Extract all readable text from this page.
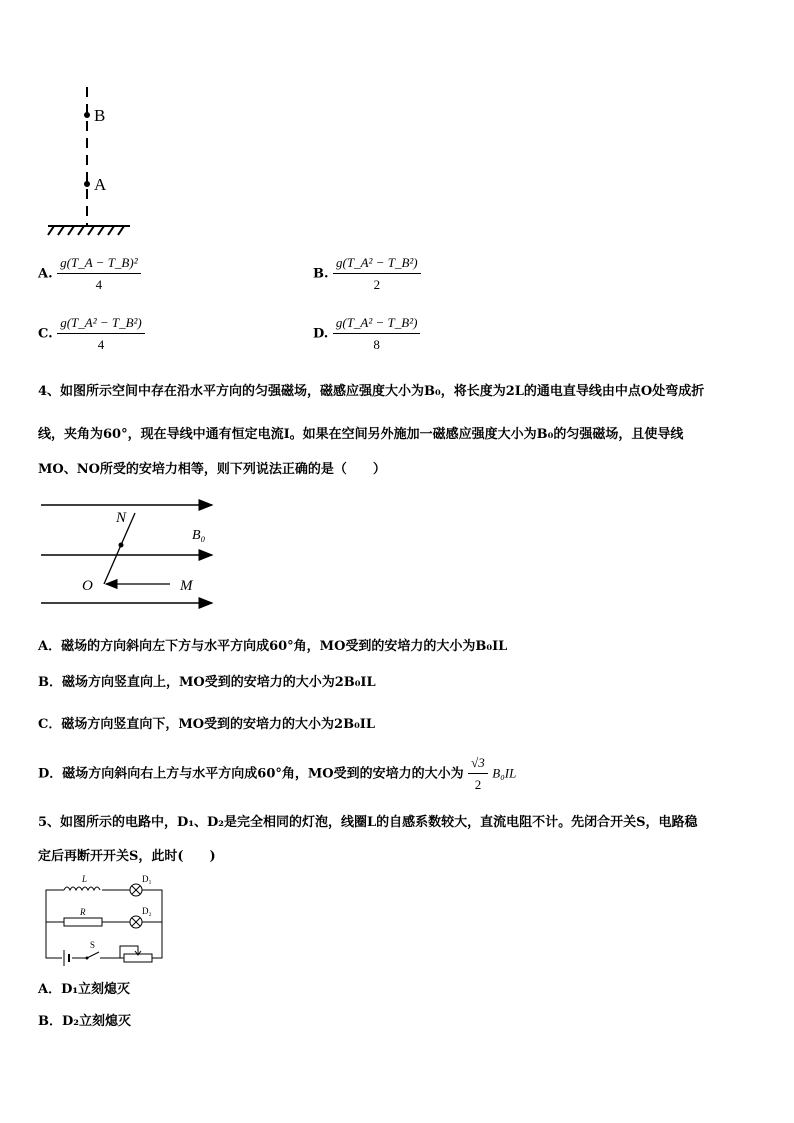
B
A
A. $\frac{\text{g(T\_A − T\_B)²}}{4}$	B. $\frac{\text{g(T\_A² − T\_B²)}}{2}$
C. $\frac{\text{g(T\_A² − T\_B²)}}{4}$	D. $\frac{\text{g(T\_A² − T\_B²)}}{8}$
4、如图所示空间中存在沿水平方向的匀强磁场，磁感应强度大小为B₀，将长度为2L的通电直导线由中点O处弯成折
线，夹角为60°，现在导线中通有恒定电流I。如果在空间另外施加一磁感应强度大小为B₀的匀强磁场，且使导线
MO、NO所受的安培力相等，则下列说法正确的是（　　）
N
B₀
O	M
A．磁场的方向斜向左下方与水平方向成60°角，MO受到的安培力的大小为B₀IL
B．磁场方向竖直向上，MO受到的安培力的大小为2B₀IL
C．磁场方向竖直向下，MO受到的安培力的大小为2B₀IL
D．磁场方向斜向右上方与水平方向成60°角，MO受到的安培力的大小为 $\frac{√3}{2} B_0IL$
5、如图所示的电路中，D₁、D₂是完全相同的灯泡，线圈L的自感系数较大，直流电阻不计。先闭合开关S，电路稳
定后再断开开关S，此时(　　)
L	D₁
R	D₂
S
A．D₁立刻熄灭
B．D₂立刻熄灭
